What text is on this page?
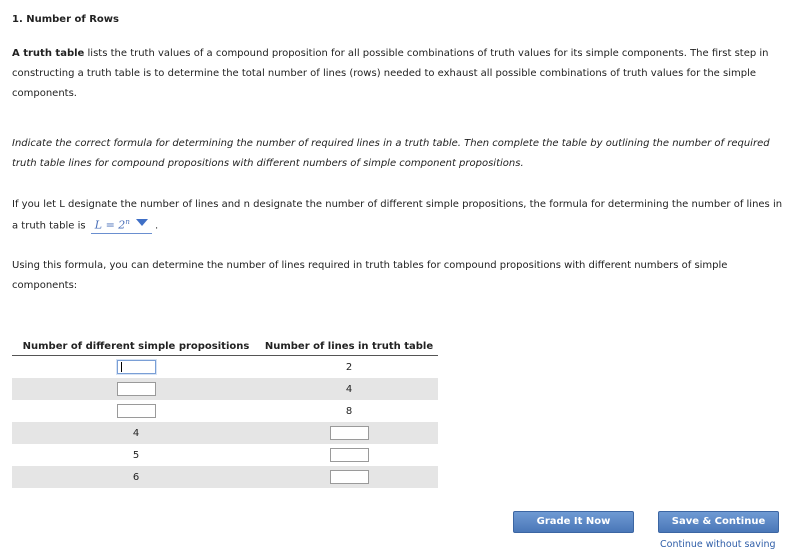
1. Number of Rows
A truth table lists the truth values of a compound proposition for all possible combinations of truth values for its simple components. The first step in constructing a truth table is to determine the total number of lines (rows) needed to exhaust all possible combinations of truth values for the simple components.
Indicate the correct formula for determining the number of required lines in a truth table. Then complete the table by outlining the number of required truth table lines for compound propositions with different numbers of simple component propositions.
If you let L designate the number of lines and n designate the number of different simple propositions, the formula for determining the number of lines in a truth table is $L = 2^n$	.
Using this formula, you can determine the number of lines required in truth tables for compound propositions with different numbers of simple components:
Number of different simple propositions	Number of lines in truth table

	2
	4
	8
4	
5	
6	
Grade It Now	Save & Continue
Continue without saving
